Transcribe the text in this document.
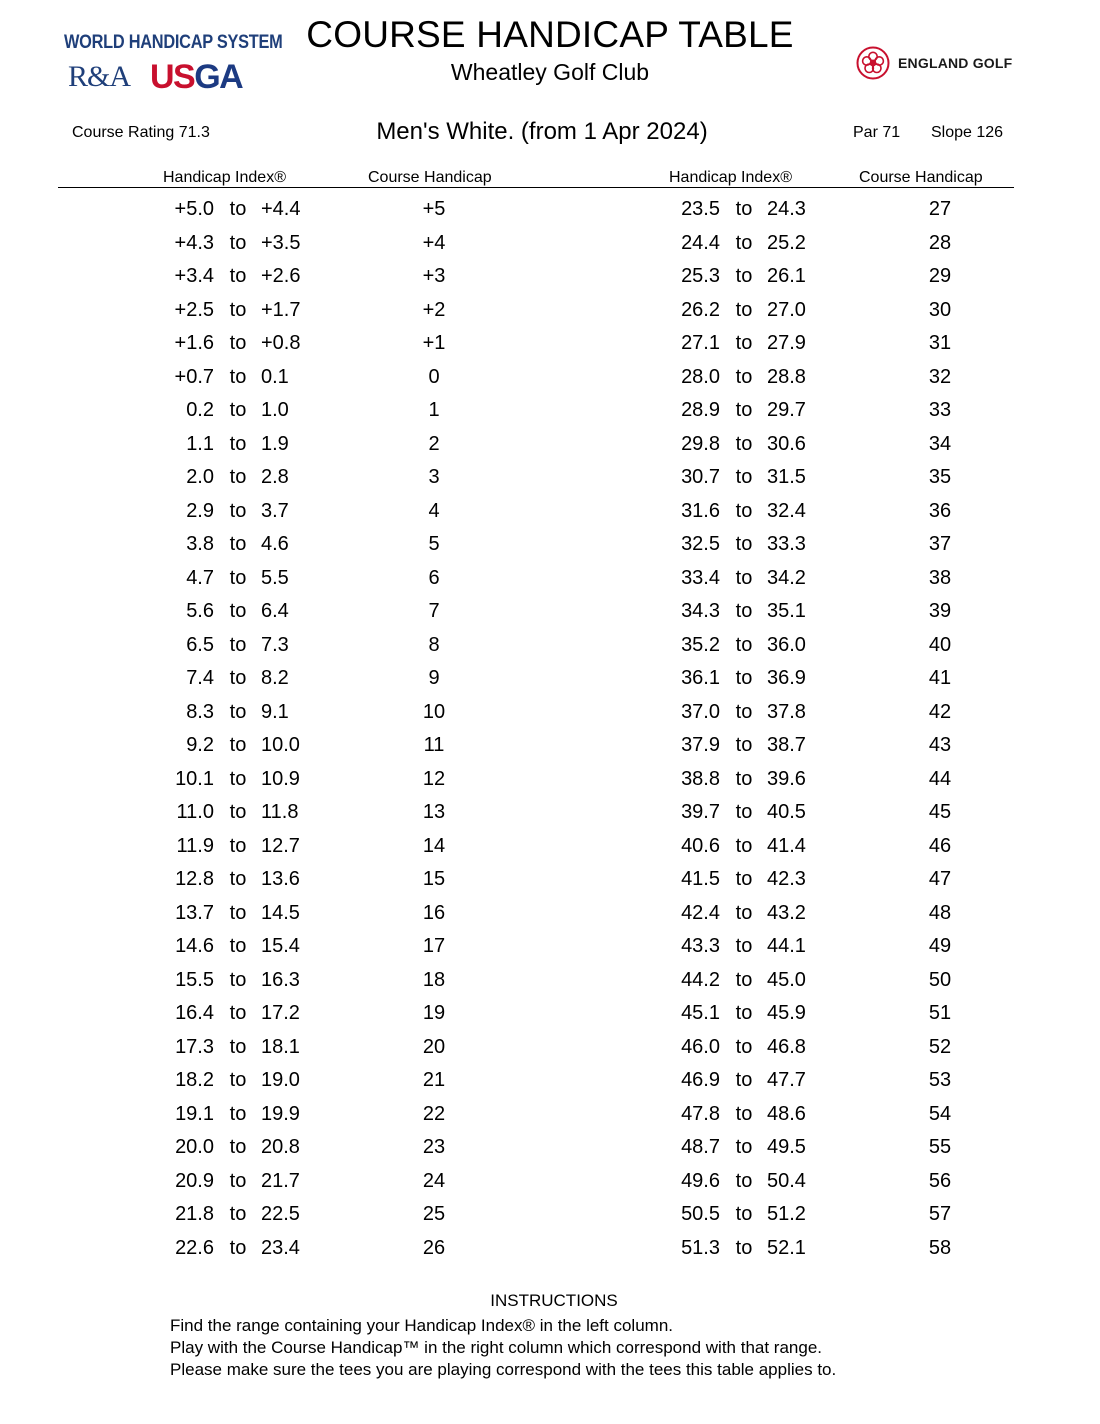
WORLD HANDICAP SYSTEM
R&A USGA
COURSE HANDICAP TABLE
Wheatley Golf Club	ENGLAND GOLF
Course Rating 71.3	Men's White. (from 1 Apr 2024)	Par 71 Slope 126
Handicap Index®	Course Handicap	Handicap Index®	Course Handicap
+5.0 to +4.4	+5	23.5 to 24.3	27
+4.3 to +3.5	+4	24.4 to 25.2	28
+3.4 to +2.6	+3	25.3 to 26.1	29
+2.5 to +1.7	+2	26.2 to 27.0	30
+1.6 to +0.8	+1	27.1 to 27.9	31
+0.7 to 0.1	0	28.0 to 28.8	32
0.2 to 1.0	1	28.9 to 29.7	33
1.1 to 1.9	2	29.8 to 30.6	34
2.0 to 2.8	3	30.7 to 31.5	35
2.9 to 3.7	4	31.6 to 32.4	36
3.8 to 4.6	5	32.5 to 33.3	37
4.7 to 5.5	6	33.4 to 34.2	38
5.6 to 6.4	7	34.3 to 35.1	39
6.5 to 7.3	8	35.2 to 36.0	40
7.4 to 8.2	9	36.1 to 36.9	41
8.3 to 9.1	10	37.0 to 37.8	42
9.2 to 10.0	11	37.9 to 38.7	43
10.1 to 10.9	12	38.8 to 39.6	44
11.0 to 11.8	13	39.7 to 40.5	45
11.9 to 12.7	14	40.6 to 41.4	46
12.8 to 13.6	15	41.5 to 42.3	47
13.7 to 14.5	16	42.4 to 43.2	48
14.6 to 15.4	17	43.3 to 44.1	49
15.5 to 16.3	18	44.2 to 45.0	50
16.4 to 17.2	19	45.1 to 45.9	51
17.3 to 18.1	20	46.0 to 46.8	52
18.2 to 19.0	21	46.9 to 47.7	53
19.1 to 19.9	22	47.8 to 48.6	54
20.0 to 20.8	23	48.7 to 49.5	55
20.9 to 21.7	24	49.6 to 50.4	56
21.8 to 22.5	25	50.5 to 51.2	57
22.6 to 23.4	26	51.3 to 52.1	58
INSTRUCTIONS
Find the range containing your Handicap Index® in the left column.
Play with the Course Handicap™ in the right column which correspond with that range.
Please make sure the tees you are playing correspond with the tees this table applies to.
